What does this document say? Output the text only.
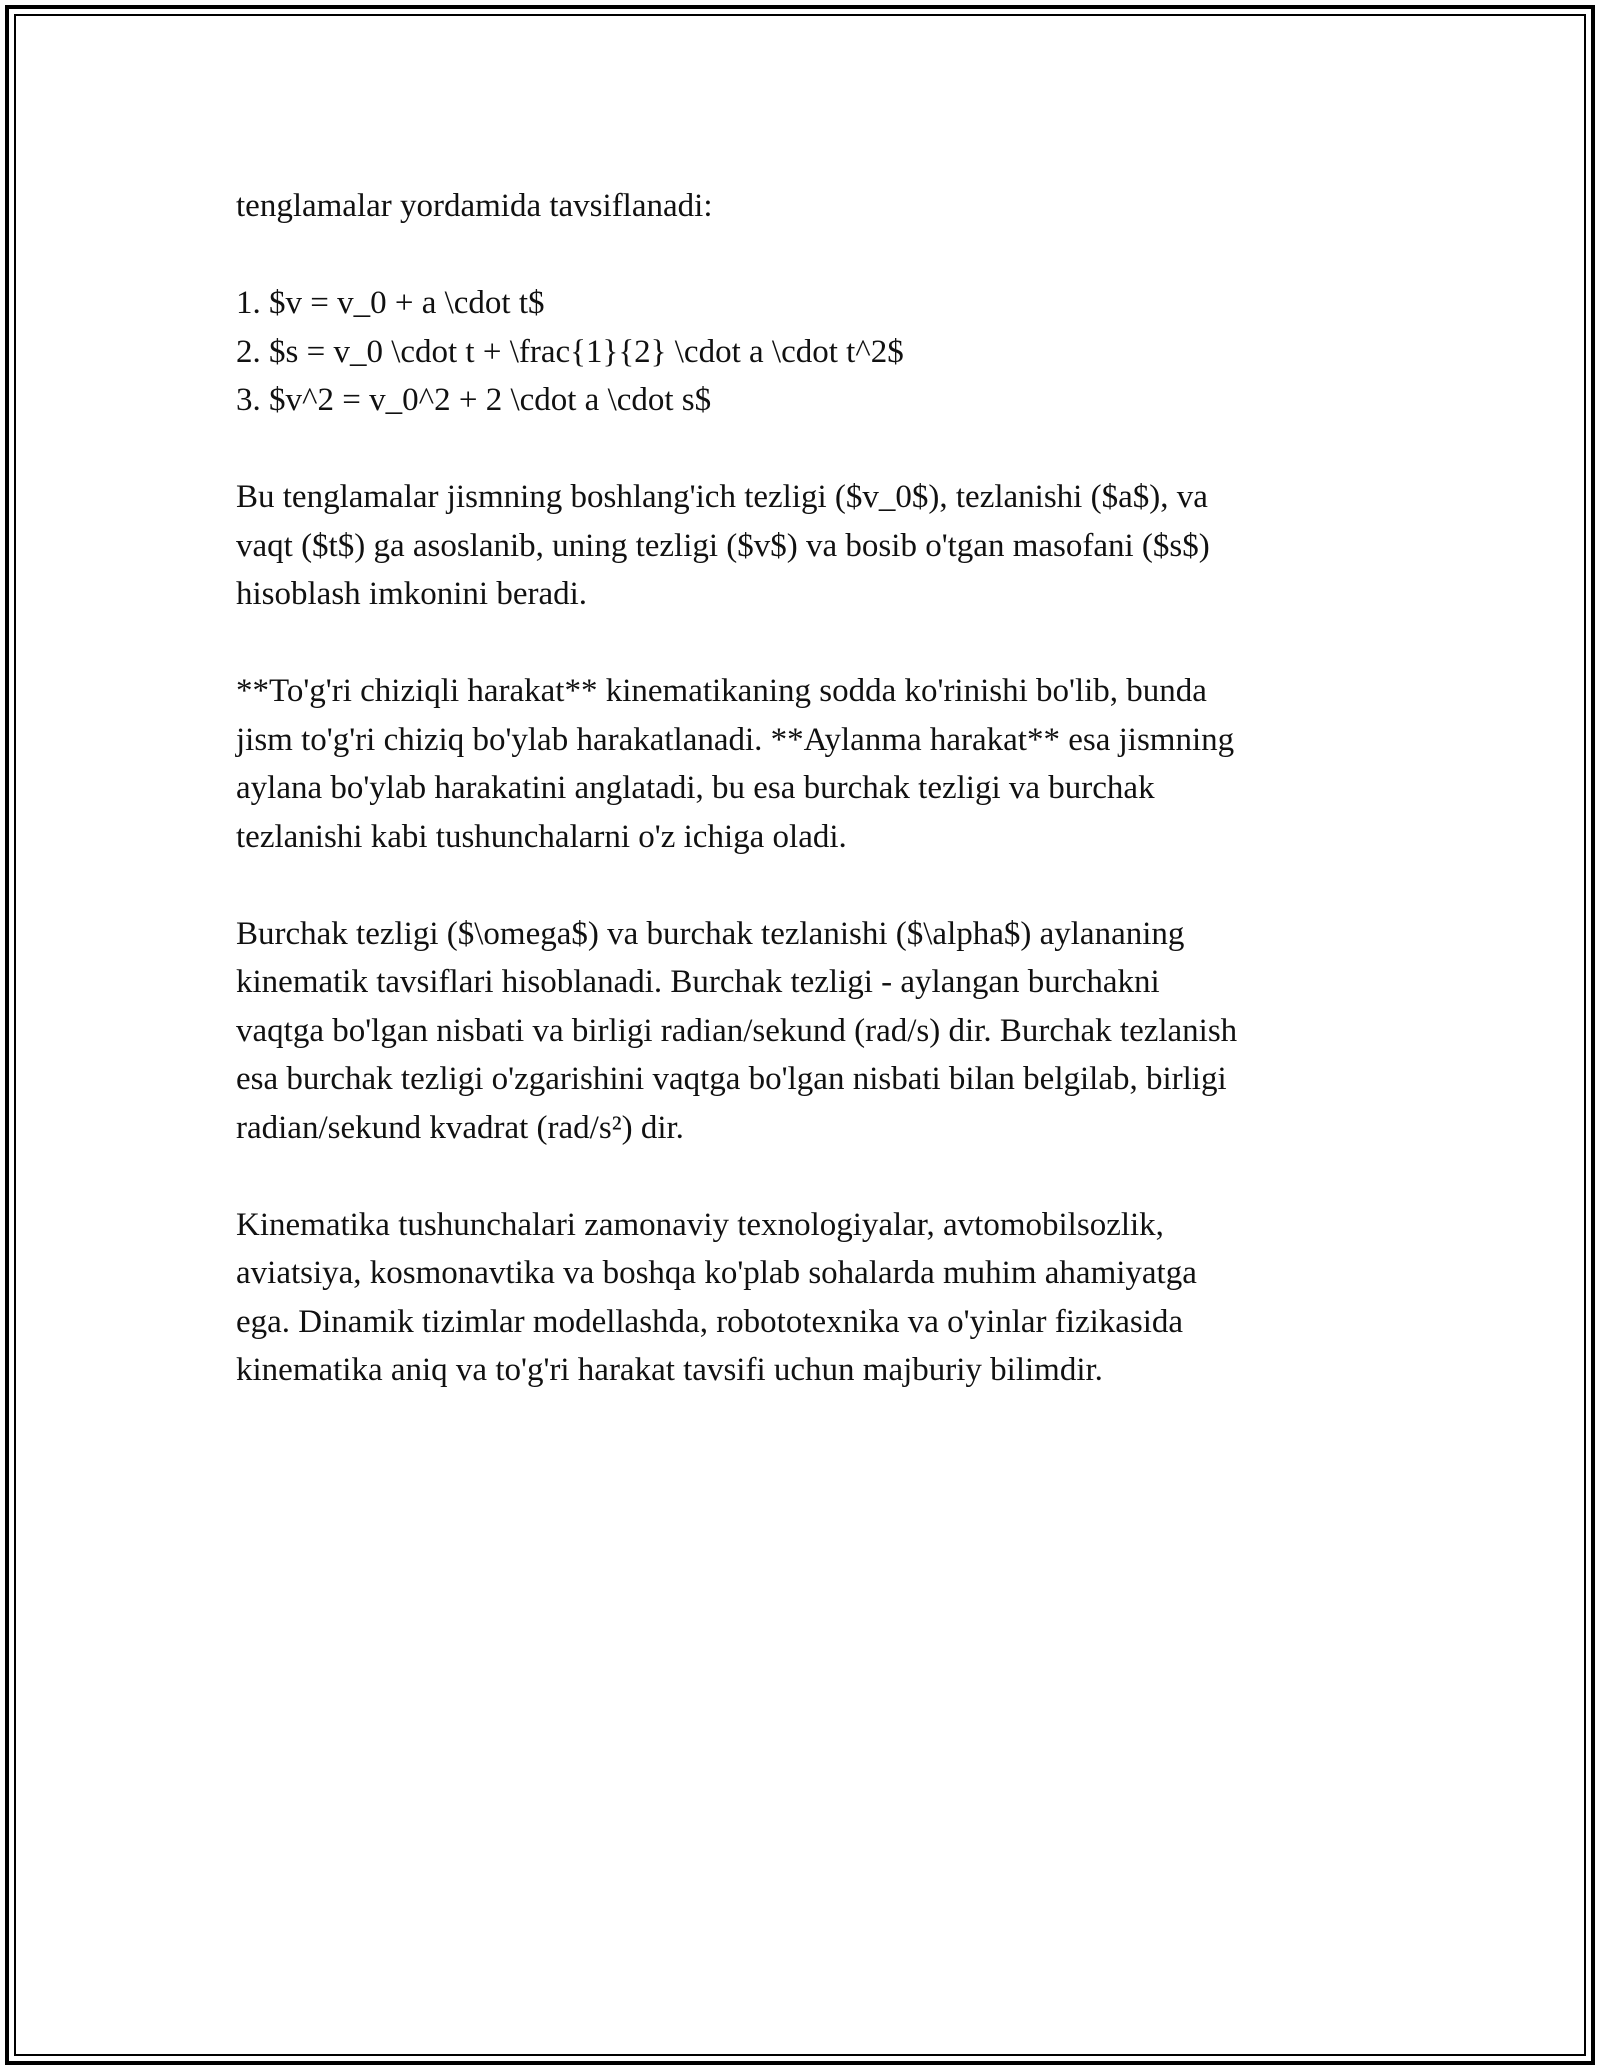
tenglamalar yordamida tavsiflanadi:

1. $v = v_0 + a \cdot t$
2. $s = v_0 \cdot t + \frac{1}{2} \cdot a \cdot t^2$
3. $v^2 = v_0^2 + 2 \cdot a \cdot s$

Bu tenglamalar jismning boshlang'ich tezligi ($v_0$), tezlanishi ($a$), va
vaqt ($t$) ga asoslanib, uning tezligi ($v$) va bosib o'tgan masofani ($s$)
hisoblash imkonini beradi.

**To'g'ri chiziqli harakat** kinematikaning sodda ko'rinishi bo'lib, bunda
jism to'g'ri chiziq bo'ylab harakatlanadi. **Aylanma harakat** esa jismning
aylana bo'ylab harakatini anglatadi, bu esa burchak tezligi va burchak
tezlanishi kabi tushunchalarni o'z ichiga oladi.

Burchak tezligi ($\omega$) va burchak tezlanishi ($\alpha$) aylananing
kinematik tavsiflari hisoblanadi. Burchak tezligi - aylangan burchakni
vaqtga bo'lgan nisbati va birligi radian/sekund (rad/s) dir. Burchak tezlanish
esa burchak tezligi o'zgarishini vaqtga bo'lgan nisbati bilan belgilab, birligi
radian/sekund kvadrat (rad/s²) dir.

Kinematika tushunchalari zamonaviy texnologiyalar, avtomobilsozlik,
aviatsiya, kosmonavtika va boshqa ko'plab sohalarda muhim ahamiyatga
ega. Dinamik tizimlar modellashda, robototexnika va o'yinlar fizikasida
kinematika aniq va to'g'ri harakat tavsifi uchun majburiy bilimdir.
